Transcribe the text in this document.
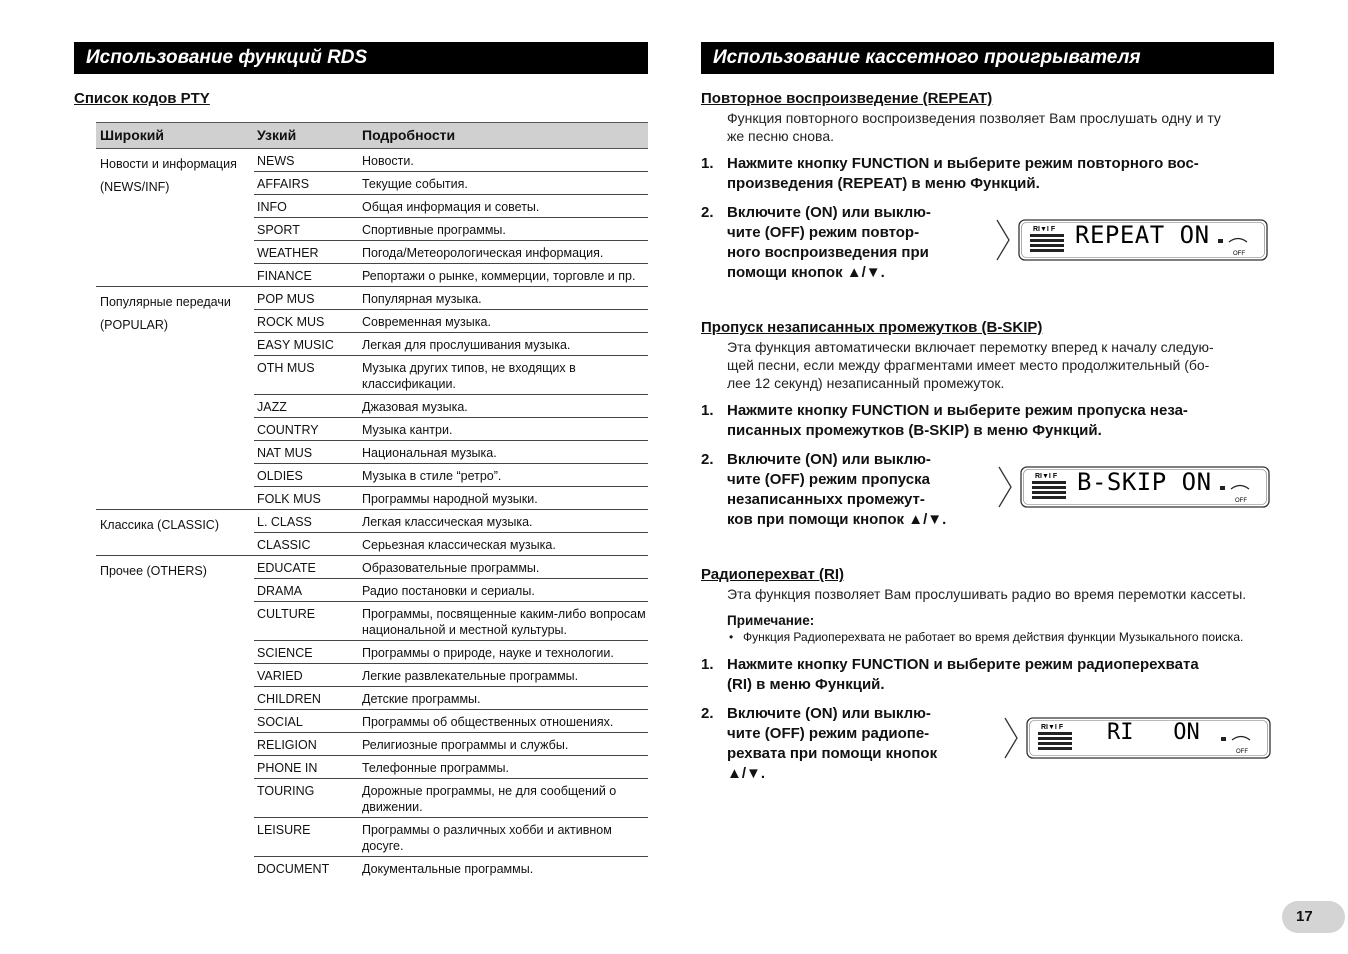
Использование функций RDS
Список кодов PTY
Широкий	Узкий	Подробности
Новости и информация
(NEWS/INF)
NEWS	Новости.
AFFAIRS	Текущие события.
INFO	Общая информация и советы.
SPORT	Спортивные программы.
WEATHER	Погода/Метеорологическая информация.
FINANCE	Репортажи о рынке, коммерции, торговле и пр.
Популярные передачи
(POPULAR)
POP MUS	Популярная музыка.
ROCK MUS	Современная музыка.
EASY MUSIC	Легкая для прослушивания музыка.
OTH MUS	Музыка других типов, не входящих в классификации.
JAZZ	Джазовая музыка.
COUNTRY	Музыка кантри.
NAT MUS	Национальная музыка.
OLDIES	Музыка в стиле “ретро”.
FOLK MUS	Программы народной музыки.
Классика (CLASSIC)	L. CLASS	Легкая классическая музыка.
CLASSIC	Серьезная классическая музыка.
Прочее (OTHERS)	EDUCATE	Образовательные программы.
DRAMA	Радио постановки и сериалы.
CULTURE	Программы, посвященные каким-либо вопросам национальной и местной культуры.
SCIENCE	Программы о природе, науке и технологии.
VARIED	Легкие развлекательные программы.
CHILDREN	Детские программы.
SOCIAL	Программы об общественных отношениях.
RELIGION	Религиозные программы и службы.
PHONE IN	Телефонные программы.
TOURING	Дорожные программы, не для сообщений о движении.
LEISURE	Программы о различных хобби и активном досуге.
DOCUMENT	Документальные программы.
Использование кассетного проигрывателя
Повторное воспроизведение (REPEAT)
Функция повторного воспроизведения позволяет Вам прослушать одну и ту
же песню снова.
1. Нажмите кнопку FUNCTION и выберите режим повторного вос-
произведения (REPEAT) в меню Функций.
2. Включите (ON) или выклю-
чите (OFF) режим повтор-
ного воспроизведения при
помощи кнопок ▲/▼.
RI▼I F REPEAT ON
OFF
Пропуск незаписанных промежутков (B-SKIP)
Эта функция автоматически включает перемотку вперед к началу следую-
щей песни, если между фрагментами имеет место продолжительный (бо-
лее 12 секунд) незаписанный промежуток.
1. Нажмите кнопку FUNCTION и выберите режим пропуска неза-
писанных промежутков (B-SKIP) в меню Функций.
2. Включите (ON) или выклю-
чите (OFF) режим пропуска
незаписанныхх промежут-
ков при помощи кнопок ▲/▼.
RI▼I F B-SKIP ON
OFF
Радиоперехват (RI)
Эта функция позволяет Вам прослушивать радио во время перемотки кассеты.
Примечание:
• Функция Радиоперехвата не работает во время действия функции Музыкального поиска.
1. Нажмите кнопку FUNCTION и выберите режим радиоперехвата
(RI) в меню Функций.
2. Включите (ON) или выклю-
чите (OFF) режим радиопе-
рехвата при помощи кнопок
▲/▼.
RI▼I F RI   ON
OFF
17
